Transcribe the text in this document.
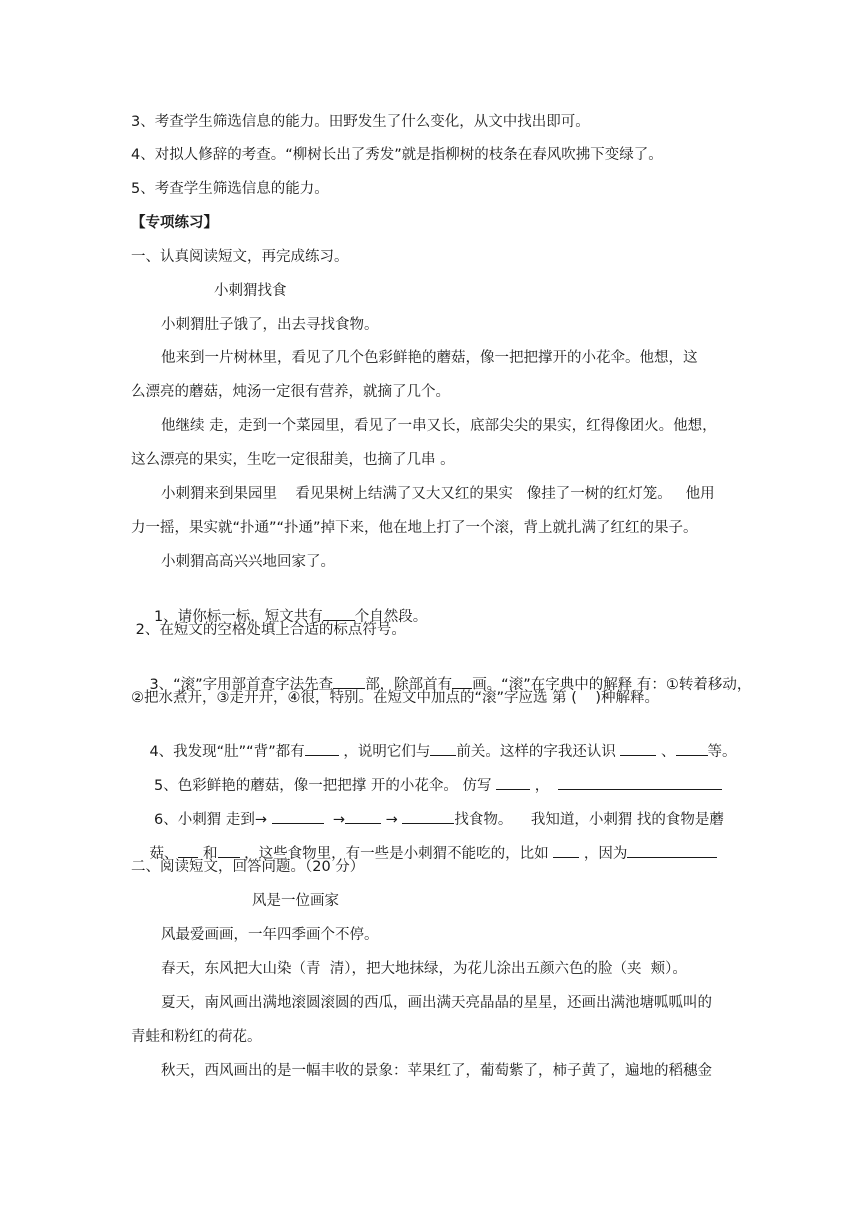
3、考查学生筛选信息的能力。田野发生了什么变化，从文中找出即可。
4、对拟人修辞的考查。“柳树长出了秀发”就是指柳树的枝条在春风吹拂下变绿了。
5、考查学生筛选信息的能力。
【专项练习】
一、认真阅读短文，再完成练习。
小刺猬找食
小刺猬肚子饿了，出去寻找食物。
他来到一片树林里，看见了几个色彩鲜艳的蘑菇，像一把把撑开的小花伞。他想，这
么漂亮的蘑菇，炖汤一定很有营养，就摘了几个。
他继续 走，走到一个菜园里，看见了一串又长，底部尖尖的果实，红得像团火。他想，
这么漂亮的果实，生吃一定很甜美，也摘了几串 。
小刺猬来到果园里    看见果树上结满了又大又红的果实   像挂了一树的红灯笼。   他用
力一摇，果实就“扑通”“扑通”掉下来，他在地上打了一个滚，背上就扎满了红红的果子。
小刺猬高高兴兴地回家了。

1、请你标一标，短文共有 个自然段。

2、在短文的空格处填上合适的标点符号。

3、“滚”字用部首查字法先查 部，除部首有 画。“滚”在字典中的解释 有：①转着移动，

②把水煮开，③走开开，④很，特别。在短文中加点的“滚”字应选 第 (    )种解释。

4、我发现“肚”“背”都有 ，说明它们与 前关。这样的字我还认识  、 等。

5、色彩鲜艳的蘑菇，像一把把撑 开的小花伞。 仿写  ，

6、小刺猬 走到→	→ →	找食物。    我知道，小刺猬 找的食物是蘑

菇、 和 ，这些食物里，有一些是小刺猬不能吃的，比如  ，因为

二、阅读短文，回答问题。（20 分）
风是一位画家
风最爱画画，一年四季画个不停。
春天，东风把大山染（青  清），把大地抹绿，为花儿涂出五颜六色的脸（夹  颊）。
夏天，南风画出满地滚圆滚圆的西瓜，画出满天亮晶晶的星星，还画出满池塘呱呱叫的
青蛙和粉红的荷花。
秋天，西风画出的是一幅丰收的景象：苹果红了，葡萄紫了，柿子黄了，遍地的稻穗金
